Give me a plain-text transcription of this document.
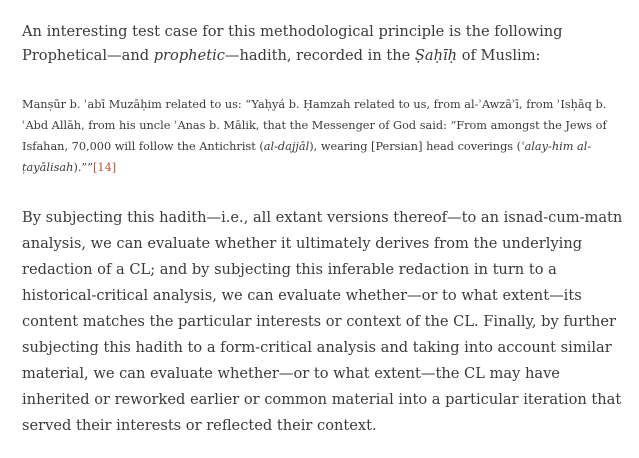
An interesting test case for this methodological principle is the following
Prophetical—and prophetic—hadith, recorded in the Ṣaḥīḥ of Muslim:

Manṣūr b. ʾabī Muzāḥim related to us: “Yaḥyá b. Ḥamzah related to us, from al-ʾAwzāʾī, from ʾIsḥāq b.
ʿAbd Allāh, from his uncle ʾAnas b. Mālik, that the Messenger of God said: “From amongst the Jews of
Isfahan, 70,000 will follow the Antichrist (al-dajjāl), wearing [Persian] head coverings (ʿalay-him al-
ṭayālisah).””[14]
By subjecting this hadith—i.e., all extant versions thereof—to an isnad-cum-matn
analysis, we can evaluate whether it ultimately derives from the underlying
redaction of a CL; and by subjecting this inferable redaction in turn to a
historical-critical analysis, we can evaluate whether—or to what extent—its
content matches the particular interests or context of the CL. Finally, by further
subjecting this hadith to a form-critical analysis and taking into account similar
material, we can evaluate whether—or to what extent—the CL may have
inherited or reworked earlier or common material into a particular iteration that
served their interests or reflected their context.
